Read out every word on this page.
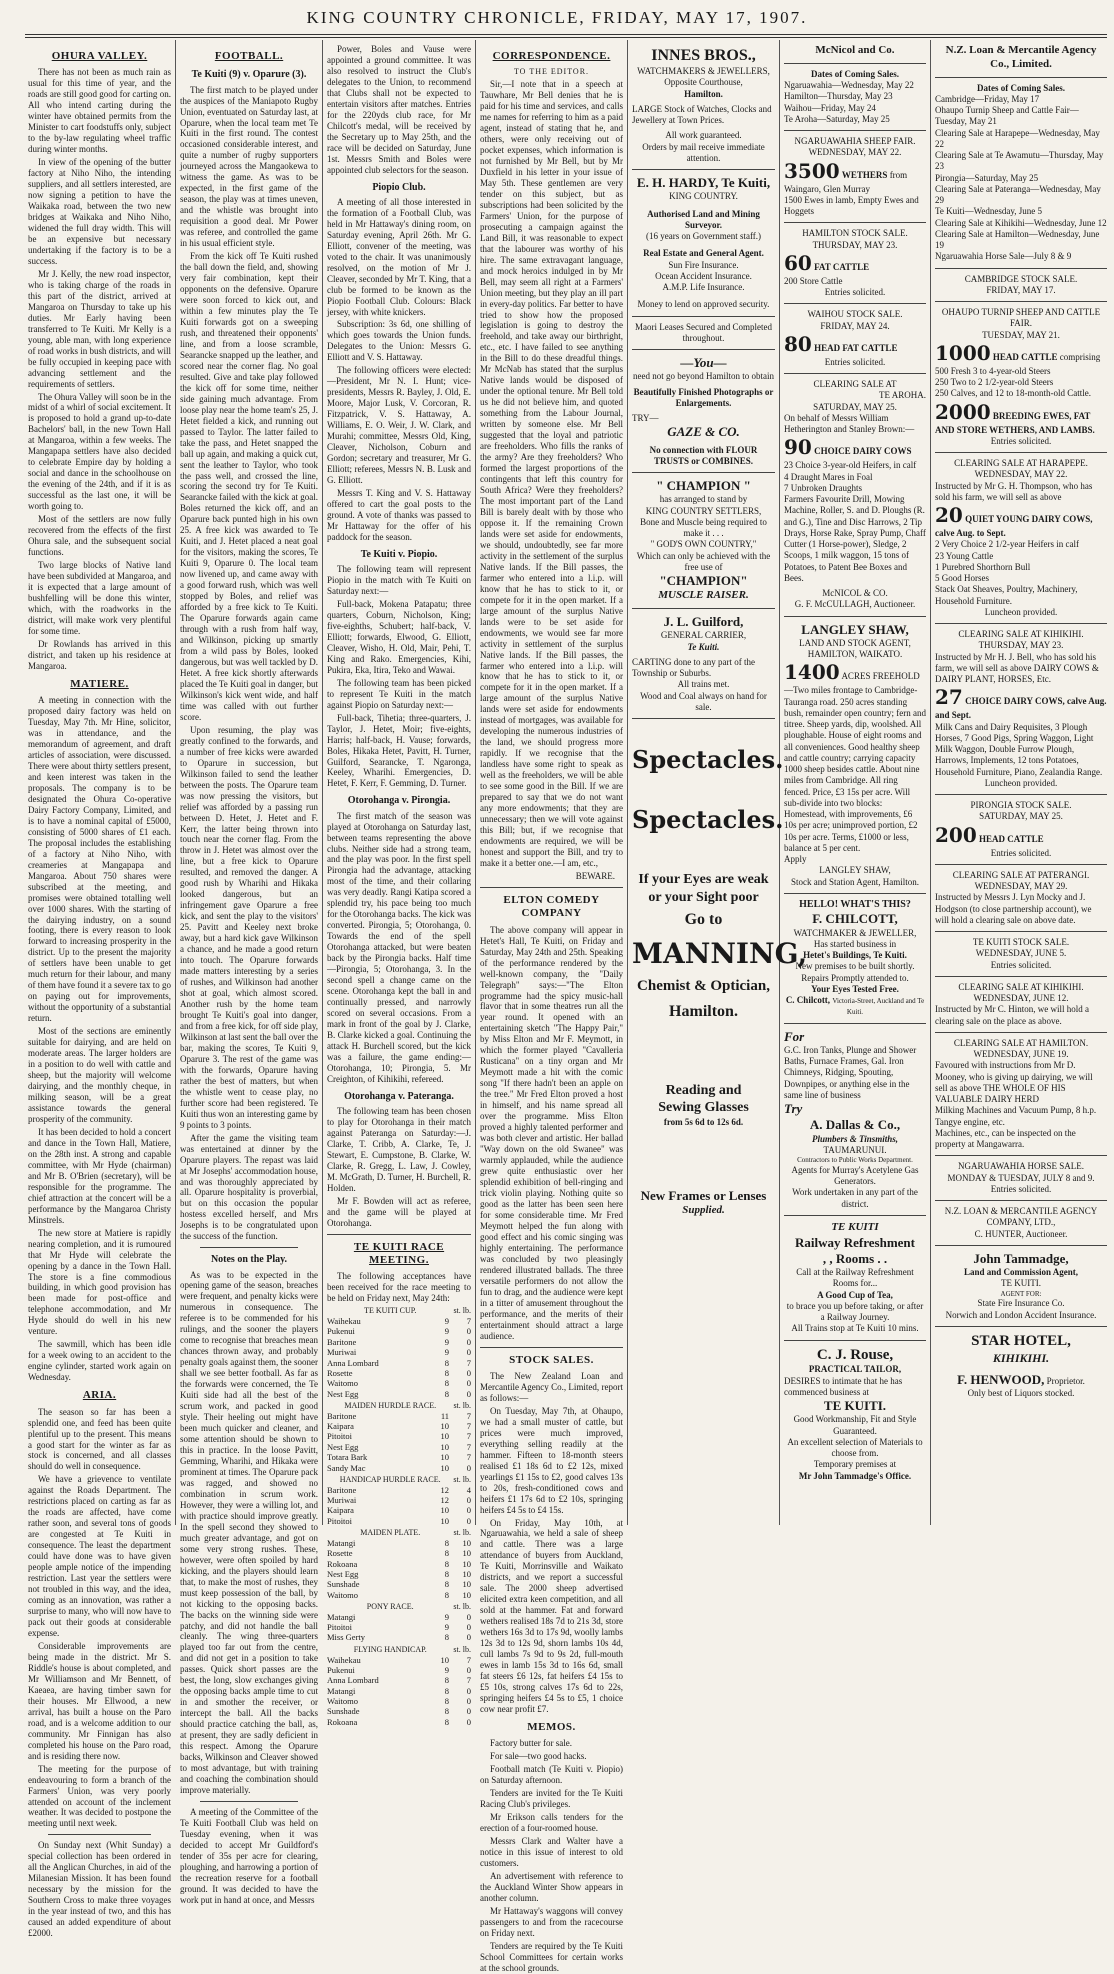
KING COUNTRY CHRONICLE, FRIDAY, MAY 17, 1907.
OHURA VALLEY.

There has not been as much rain as usual for this time of year, and the roads are still good good for carting on. All who intend carting during the winter have obtained permits from the Minister to cart foodstuffs only, subject to the by-law regulating wheel traffic during winter months.

In view of the opening of the butter factory at Niho Niho, the intending suppliers, and all settlers interested, are now signing a petition to have the Waikaka road, between the two new bridges at Waikaka and Niho Niho, widened the full dray width. This will be an expensive but necessary undertaking if the factory is to be a success.

Mr J. Kelly, the new road inspector, who is taking charge of the roads in this part of the district, arrived at Mangaroa on Thursday to take up his duties. Mr Early having been transferred to Te Kuiti. Mr Kelly is a young, able man, with long experience of road works in bush districts, and will be fully occupied in keeping pace with advancing settlement and the requirements of settlers.

The Ohura Valley will soon be in the midst of a whirl of social excitement. It is proposed to hold a grand up-to-date Bachelors' ball, in the new Town Hall at Mangaroa, within a few weeks. The Mangapapa settlers have also decided to celebrate Empire day by holding a social and dance in the schoolhouse on the evening of the 24th, and if it is as successful as the last one, it will be worth going to.

Most of the settlers are now fully recovered from the effects of the first Ohura sale, and the subsequent social functions.

Two large blocks of Native land have been subdivided at Mangaroa, and it is expected that a large amount of bushfelling will be done this winter, which, with the roadworks in the district, will make work very plentiful for some time.

Dr Rowlands has arrived in this district, and taken up his residence at Mangaroa.

MATIERE.

A meeting in connection with the proposed dairy factory was held on Tuesday, May 7th. Mr Hine, solicitor, was in attendance, and the memorandum of agreement, and draft articles of association, were discussed. There were about thirty settlers present, and keen interest was taken in the proposals. The company is to be designated the Ohura Co-operative Dairy Factory Company, Limited, and is to have a nominal capital of £5000, consisting of 5000 shares of £1 each. The proposal includes the establishing of a factory at Niho Niho, with creameries at Mangapapa and Mangaroa. About 750 shares were subscribed at the meeting, and promises were obtained totalling well over 1000 shares. With the starting of the dairying industry, on a sound footing, there is every reason to look forward to increasing prosperity in the district. Up to the present the majority of settlers have been unable to get much return for their labour, and many of them have found it a severe tax to go on paying out for improvements, without the opportunity of a substantial return.

Most of the sections are eminently suitable for dairying, and are held on moderate areas. The larger holders are in a position to do well with cattle and sheep, but the majority will welcome dairying, and the monthly cheque, in milking season, will be a great assistance towards the general prosperity of the community.

It has been decided to hold a concert and dance in the Town Hall, Matiere, on the 28th inst. A strong and capable committee, with Mr Hyde (chairman) and Mr B. O'Brien (secretary), will be responsible for the programme. The chief attraction at the concert will be a performance by the Mangaroa Christy Minstrels.

The new store at Matiere is rapidly nearing completion, and it is rumoured that Mr Hyde will celebrate the opening by a dance in the Town Hall. The store is a fine commodious building, in which good provision has been made for post-office and telephone accommodation, and Mr Hyde should do well in his new venture.

The sawmill, which has been idle for a week owing to an accident to the engine cylinder, started work again on Wednesday.

ARIA.

The season so far has been a splendid one, and feed has been quite plentiful up to the present. This means a good start for the winter as far as stock is concerned, and all classes should do well in consequence.

We have a grievence to ventilate against the Roads Department. The restrictions placed on carting as far as the roads are affected, have come rather soon, and several tons of goods are congested at Te Kuiti in consequence. The least the department could have done was to have given people ample notice of the impending restriction. Last year the settlers were not troubled in this way, and the idea, coming as an innovation, was rather a surprise to many, who will now have to pack out their goods at considerable expense.

Considerable improvements are being made in the district. Mr S. Riddle's house is about completed, and Mr Williamson and Mr Bennett, of Kaeaea, are having timber sawn for their houses. Mr Ellwood, a new arrival, has built a house on the Paro road, and is a welcome addition to our community. Mr Finnigan has also completed his house on the Paro road, and is residing there now.

The meeting for the purpose of endeavouring to form a branch of the Farmers' Union, was very poorly attended on account of the inclement weather. It was decided to postpone the meeting until next week.

On Sunday next (Whit Sunday) a special collection has been ordered in all the Anglican Churches, in aid of the Milanesian Mission. It has been found necessary by the mission for the Southern Cross to make three voyages in the year instead of two, and this has caused an added expenditure of about £2000.

FOOTBALL.
Te Kuiti (9) v. Oparure (3).

The first match to be played under the auspices of the Maniapoto Rugby Union, eventuated on Saturday last, at Oparure, when the local team met Te Kuiti in the first round. The contest occasioned considerable interest, and quite a number of rugby supporters journeyed across the Mangaokewa to witness the game. As was to be expected, in the first game of the season, the play was at times uneven, and the whistle was brought into requisition a good deal. Mr Power was referee, and controlled the game in his usual efficient style.

From the kick off Te Kuiti rushed the ball down the field, and, showing very fair combination, kept their opponents on the defensive. Oparure were soon forced to kick out, and within a few minutes play the Te Kuiti forwards got on a sweeping rush, and threatened their opponents' line, and from a loose scramble, Searancke snapped up the leather, and scored near the corner flag. No goal resulted. Give and take play followed the kick off for some time, neither side gaining much advantage. From loose play near the home team's 25, J. Hetet fielded a kick, and running out passed to Taylor. The latter failed to take the pass, and Hetet snapped the ball up again, and making a quick cut, sent the leather to Taylor, who took the pass well, and crossed the line, scoring the second try for Te Kuiti. Searancke failed with the kick at goal. Boles returned the kick off, and an Oparure back punted high in his own 25. A free kick was awarded to Te Kuiti, and J. Hetet placed a neat goal for the visitors, making the scores, Te Kuiti 9, Oparure 0. The local team now livened up, and came away with a good forward rush, which was well stopped by Boles, and relief was afforded by a free kick to Te Kuiti. The Oparure forwards again came through with a rush from half way, and Wilkinson, picking up smartly from a wild pass by Boles, looked dangerous, but was well tackled by D. Hetet. A free kick shortly afterwards placed the Te Kuiti goal in danger, but Wilkinson's kick went wide, and half time was called with out further score.

Upon resuming, the play was greatly confined to the forwards, and a number of free kicks were awarded to Oparure in succession, but Wilkinson failed to send the leather between the posts. The Oparure team was now pressing the visitors, but relief was afforded by a passing run between D. Hetet, J. Hetet and F. Kerr, the latter being thrown into touch near the corner flag. From the throw in J. Hetet was almost over the line, but a free kick to Oparure resulted, and removed the danger. A good rush by Wharihi and Hikaka looked dangerous, but an infringement gave Oparure a free kick, and sent the play to the visitors' 25. Pavitt and Keeley next broke away, but a hard kick gave Wilkinson a chance, and he made a good return into touch. The Oparure forwards made matters interesting by a series of rushes, and Wilkinson had another shot at goal, which almost scored. Another rush by the home team brought Te Kuiti's goal into danger, and from a free kick, for off side play, Wilkinson at last sent the ball over the bar, making the scores, Te Kuiti 9, Oparure 3. The rest of the game was with the forwards, Oparure having rather the best of matters, but when the whistle went to cease play, no further score had been registered. Te Kuiti thus won an interesting game by 9 points to 3 points.

After the game the visiting team was entertained at dinner by the Oparure players. The repast was laid at Mr Josephs' accommodation house, and was thoroughly appreciated by all. Oparure hospitality is proverbial, but on this occasion the popular hostess excelled herself, and Mrs Josephs is to be congratulated upon the success of the function.

Notes on the Play.

As was to be expected in the opening game of the season, breaches were frequent, and penalty kicks were numerous in consequence. The referee is to be commended for his rulings, and the sooner the players come to recognise that breaches mean chances thrown away, and probably penalty goals against them, the sooner shall we see better football. As far as the forwards were concerned, the Te Kuiti side had all the best of the scrum work, and packed in good style. Their heeling out might have been much quicker and cleaner, and some attention should be shown to this in practice. In the loose Pavitt, Gemming, Wharihi, and Hikaka were prominent at times. The Oparure pack was ragged, and showed no combination in scrum work. However, they were a willing lot, and with practice should improve greatly. In the spell second they showed to much greater advantage, and got on some very strong rushes. These, however, were often spoiled by hard kicking, and the players should learn that, to make the most of rushes, they must keep possession of the ball, by not kicking to the opposing backs. The backs on the winning side were patchy, and did not handle the ball cleanly. The wing three-quarters played too far out from the centre, and did not get in a position to take passes. Quick short passes are the best, the long, slow exchanges giving the opposing backs ample time to cut in and smother the receiver, or intercept the ball. All the backs should practice catching the ball, as, at present, they are sadly deficient in this respect. Among the Oparure backs, Wilkinson and Cleaver showed to most advantage, but with training and coaching the combination should improve materially.

A meeting of the Committee of the Te Kuiti Football Club was held on Tuesday evening, when it was decided to accept Mr Guildford's tender of 35s per acre for clearing, ploughing, and harrowing a portion of the recreation reserve for a football ground. It was decided to have the work put in hand at once, and Messrs

Power, Boles and Vause were appointed a ground committee. It was also resolved to instruct the Club's delegates to the Union, to recommend that Clubs shall not be expected to entertain visitors after matches. Entries for the 220yds club race, for Mr Chilcott's medal, will be received by the Secretary up to May 25th, and the race will be decided on Saturday, June 1st. Messrs Smith and Boles were appointed club selectors for the season.

Piopio Club.

A meeting of all those interested in the formation of a Football Club, was held in Mr Hattaway's dining room, on Saturday evening, April 26th. Mr G. Elliott, convener of the meeting, was voted to the chair. It was unanimously resolved, on the motion of Mr J. Cleaver, seconded by Mr T. King, that a club be formed to be known as the Piopio Football Club. Colours: Black jersey, with white knickers.

Subscription: 3s 6d, one shilling of which goes towards the Union funds. Delegates to the Union: Messrs G. Elliott and V. S. Hattaway.

The following officers were elected:—President, Mr N. I. Hunt; vice-presidents, Messrs R. Bayley, J. Old, E. Moore, Major Lusk, V. Corcoran, R. Fitzpatrick, V. S. Hattaway, A. Williams, E. O. Weir, J. W. Clark, and Murahi; committee, Messrs Old, King, Cleaver, Nicholson, Coburn and Gordon; secretary and treasurer, Mr G. Elliott; referees, Messrs N. B. Lusk and G. Elliott.

Messrs T. King and V. S. Hattaway offered to cart the goal posts to the ground. A vote of thanks was passed to Mr Hattaway for the offer of his paddock for the season.

Te Kuiti v. Piopio.

The following team will represent Piopio in the match with Te Kuiti on Saturday next:—

Full-back, Mokena Patapatu; three quarters, Coburn, Nicholson, King; five-eighths, Schubert; half-back, V. Elliott; forwards, Elwood, G. Elliott, Cleaver, Wisho, H. Old, Mair, Pehi, T. King and Rako. Emergencies, Kihi, Pukira, Eka, Itira, Teko and Wawai.

The following team has been picked to represent Te Kuiti in the match against Piopio on Saturday next:—

Full-back, Tihetia; three-quarters, J. Taylor, J. Hetet, Moir; five-eights, Harris; half-back, H. Vause; forwards, Boles, Hikaka Hetet, Pavitt, H. Turner, Guilford, Searancke, T. Ngaronga, Keeley, Wharihi. Emergencies, D. Hetet, F. Kerr, F. Gemming, D. Turner.

Otorohanga v. Pirongia.

The first match of the season was played at Otorohanga on Saturday last, between teams representing the above clubs. Neither side had a strong team, and the play was poor. In the first spell Pirongia had the advantage, attacking most of the time, and their collaring was very deadly. Rangi Katipa scored a splendid try, his pace being too much for the Otorohanga backs. The kick was converted. Pirongia, 5; Otorohanga, 0. Towards the end of the spell Otorohanga attacked, but were beaten back by the Pirongia backs. Half time—Pirongia, 5; Otorohanga, 3. In the second spell a change came on the scene. Otorohanga kept the ball in and continually pressed, and narrowly scored on several occasions. From a mark in front of the goal by J. Clarke, B. Clarke kicked a goal. Continuing the attack H. Burchell scored, but the kick was a failure, the game ending:—Otorohanga, 10; Pirongia, 5. Mr Creighton, of Kihikihi, refereed.

Otorohanga v. Pateranga.

The following team has been chosen to play for Otorohanga in their match against Pateranga on Saturday:—J. Clarke, T. Cribb, A. Clarke, Te, J. Stewart, E. Cumpstone, B. Clarke, W. Clarke, R. Gregg, L. Law, J. Cowley, M. McGrath, D. Turner, H. Burchell, R. Holden.

Mr F. Bowden will act as referee, and the game will be played at Otorohanga.

TE KUITI RACE MEETING.

The following acceptances have been received for the race meeting to be held on Friday next, May 24th:

TE KUITI CUP.	st. lb.
Waihekau	9	7
Pukenui	9	0
Baritone	9	0
Muriwai	9	0
Anna Lombard	8	7
Rosette	8	0
Waitomo	8	0
Nest Egg	8	0
MAIDEN HURDLE RACE. st. lb.
Baritone	11	7
Kaipara	10	7
Pitoitoi	10	7
Nest Egg	10	7
Totara Bark	10	7
Sandy Mac	10	0
HANDICAP HURDLE RACE. st. lb.
Baritone	12	4
Muriwai	12	0
Kaipara	10	0
Pitoitoi	10	0
MAIDEN PLATE.	st. lb.
Matangi	8	10
Rosette	8	10
Rokoana	8	10
Nest Egg	8	10
Sunshade	8	10
Waitomo	8	10
PONY RACE.	st. lb.
Matangi	9	0
Pitoitoi	9	0
Miss Gerty	8	0
FLYING HANDICAP.	st. lb.
Waihekau	10	7
Pukenui	9	0
Anna Lombard	8	7
Matangi	8	0
Waitomo	8	0
Sunshade	8	0
Rokoana	8	0
CORRESPONDENCE.
TO THE EDITOR.

Sir,—I note that in a speech at Tauwhare, Mr Bell denies that he is paid for his time and services, and calls me names for referring to him as a paid agent, instead of stating that he, and others, were only receiving out of pocket expenses, which information is not furnished by Mr Bell, but by Mr Duxfield in his letter in your issue of May 5th. These gentlemen are very tender on this subject, but as subscriptions had been solicited by the Farmers' Union, for the purpose of prosecuting a campaign against the Land Bill, it was reasonable to expect that the labourer was worthy of his hire. The same extravagant language, and mock heroics indulged in by Mr Bell, may seem all right at a Farmers' Union meeting, but they play an ill part in every-day politics. Far better to have tried to show how the proposed legislation is going to destroy the freehold, and take away our birthright, etc., etc. I have failed to see anything in the Bill to do these dreadful things. Mr McNab has stated that the surplus Native lands would be disposed of under the optional tenure. Mr Bell told us he did not believe him, and quoted something from the Labour Journal, written by someone else. Mr Bell suggested that the loyal and patriotic are freeholders. Who fills the ranks of the army? Are they freeholders? Who formed the largest proportions of the contingents that left this country for South Africa? Were they freeholders? The most important part of the Land Bill is barely dealt with by those who oppose it. If the remaining Crown lands were set aside for endowments, we should, undoubtedly, see far more activity in the settlement of the surplus Native lands. If the Bill passes, the farmer who entered into a l.i.p. will know that he has to stick to it, or compete for it in the open market. If a large amount of the surplus Native lands were to be set aside for endowments, we would see far more activity in settlement of the surplus Native lands. If the Bill passes, the farmer who entered into a l.i.p. will know that he has to stick to it, or compete for it in the open market. If a large amount of the surplus Native lands were set aside for endowments instead of mortgages, was available for developing the numerous industries of the land, we should progress more rapidly. If we recognise that the landless have some right to speak as well as the freeholders, we will be able to see some good in the Bill. If we are prepared to say that we do not want any more endowments; that they are unnecessary; then we will vote against this Bill; but, if we recognise that endowments are required, we will be honest and support the Bill, and try to make it a better one.—I am, etc.,

BEWARE.
ELTON COMEDY COMPANY

The above company will appear in Hetet's Hall, Te Kuiti, on Friday and Saturday, May 24th and 25th. Speaking of the performance rendered by the well-known company, the "Daily Telegraph" says:—"The Elton programme had the spicy music-hall flavor that in some theatres run all the year round. It opened with an entertaining sketch "The Happy Pair," by Miss Elton and Mr F. Meymott, in which the former played "Cavalleria Rusticana" on a tiny organ and Mr Meymott made a hit with the comic song "If there hadn't been an apple on the tree." Mr Fred Elton proved a host in himself, and his name spread all over the programme. Miss Elton proved a highly talented performer and was both clever and artistic. Her ballad "Way down on the old Swanee" was warmly applauded, while the audience grew quite enthusiastic over her splendid exhibition of bell-ringing and trick violin playing. Nothing quite so good as the latter has been seen here for some considerable time. Mr Fred Meymott helped the fun along with good effect and his comic singing was highly entertaining. The performance was concluded by two pleasingly rendered illustrated ballads. The three versatile performers do not allow the fun to drag, and the audience were kept in a titter of amusement throughout the performance, and the merits of their entertainment should attract a large audience.

STOCK SALES.

The New Zealand Loan and Mercantile Agency Co., Limited, report as follows:—

On Tuesday, May 7th, at Ohaupo, we had a small muster of cattle, but prices were much improved, everything selling readily at the hammer. Fifteen to 18-month steers realised £1 18s 6d to £2 12s, mixed yearlings £1 15s to £2, good calves 13s to 20s, fresh-conditioned cows and heifers £1 17s 6d to £2 10s, springing heifers £4 5s to £4 15s.

On Friday, May 10th, at Ngaruawahia, we held a sale of sheep and cattle. There was a large attendance of buyers from Auckland, Te Kuiti, Morrinsville and Waikato districts, and we report a successful sale. The 2000 sheep advertised elicited extra keen competition, and all sold at the hammer. Fat and forward wethers realised 18s 7d to 21s 3d, store wethers 16s 3d to 17s 9d, woolly lambs 12s 3d to 12s 9d, shorn lambs 10s 4d, cull lambs 7s 9d to 9s 2d, full-mouth ewes in lamb 15s 3d to 16s 6d, small fat steers £6 12s, fat heifers £4 15s to £5 10s, strong calves 17s 6d to 22s, springing heifers £4 5s to £5, 1 choice cow near profit £7.

MEMOS.

Factory butter for sale.

For sale—two good hacks.

Football match (Te Kuiti v. Piopio) on Saturday afternoon.

Tenders are invited for the Te Kuiti Racing Club's privileges.

Mr Erikson calls tenders for the erection of a four-roomed house.

Messrs Clark and Walter have a notice in this issue of interest to old customers.

An advertisement with reference to the Auckland Winter Show appears in another column.

Mr Hattaway's waggons will convey passengers to and from the racecourse on Friday next.

Tenders are required by the Te Kuiti School Committees for certain works at the school grounds.

INNES BROS.,
WATCHMAKERS & JEWELLERS,
Opposite Courthouse,
Hamilton.
LARGE Stock of Watches, Clocks and Jewellery at Town Prices.
All work guaranteed.
Orders by mail receive immediate attention.
E. H. HARDY, Te Kuiti,
KING COUNTRY.
Authorised Land and Mining Surveyor.
(16 years on Government staff.)
Real Estate and General Agent.
Sun Fire Insurance.
Ocean Accident Insurance.
A.M.P. Life Insurance.
Money to lend on approved security.
Maori Leases Secured and Completed throughout.
—You—
need not go beyond Hamilton to obtain
Beautifully Finished Photographs or Enlargements.
TRY—
GAZE & CO.
No connection with FLOUR TRUSTS or COMBINES.
" CHAMPION "
has arranged to stand by
KING COUNTRY SETTLERS,
Bone and Muscle being required to make it . . .
" GOD'S OWN COUNTRY,"
Which can only be achieved with the free use of
"CHAMPION"
MUSCLE RAISER.
J. L. Guilford,
GENERAL CARRIER,
Te Kuiti.
CARTING done to any part of the Township or Suburbs.
All trains met.
Wood and Coal always on hand for sale.
Spectacles.
Spectacles.
If your Eyes are weak
or your Sight poor
Go to
MANNING,
Chemist & Optician,
Hamilton.
Reading and
Sewing Glasses
from 5s 6d to 12s 6d.
New Frames or Lenses
Supplied.
McNicol and Co.
Dates of Coming Sales.
Ngaruawahia—Wednesday, May 22
Hamilton—Thursday, May 23
Waihou—Friday, May 24
Te Aroha—Saturday, May 25
NGARUAWAHIA SHEEP FAIR.
WEDNESDAY, MAY 22.
3500 WETHERS from Waingaro, Glen Murray
1500 Ewes in lamb, Empty Ewes and Hoggets
HAMILTON STOCK SALE.
THURSDAY, MAY 23.
60 FAT CATTLE
200 Store Cattle
Entries solicited.
WAIHOU STOCK SALE.
FRIDAY, MAY 24.
80 HEAD FAT CATTLE
Entries solicited.
CLEARING SALE AT
TE AROHA.
SATURDAY, MAY 25.
On behalf of Messrs William Hetherington and Stanley Brown:—
90 CHOICE DAIRY COWS
23 Choice 3-year-old Heifers, in calf
4 Draught Mares in Foal
7 Unbroken Draughts
Farmers Favourite Drill, Mowing Machine, Roller, S. and D. Ploughs (R. and G.), Tine and Disc Harrows, 2 Tip Drays, Horse Rake, Spray Pump, Chaff Cutter (1 Horse-power), Sledge, 2 Scoops, 1 milk waggon, 15 tons of Potatoes, to Patent Bee Boxes and Bees.
McNICOL & CO.
G. F. McCULLAGH, Auctioneer.
LANGLEY SHAW,
LAND AND STOCK AGENT,
HAMILTON, WAIKATO.
1400 ACRES FREEHOLD—Two miles frontage to Cambridge-Tauranga road. 250 acres standing bush, remainder open country; fern and titree. Sheep yards, dip, woolshed. All ploughable. House of eight rooms and all conveniences. Good healthy sheep and cattle country; carrying capacity 1000 sheep besides cattle. About nine miles from Cambridge. All ring fenced. Price, £3 15s per acre. Will sub-divide into two blocks: Homestead, with improvements, £6 10s per acre; unimproved portion, £2 10s per acre. Terms, £1000 or less, balance at 5 per cent.
Apply
LANGLEY SHAW,
Stock and Station Agent, Hamilton.
HELLO! WHAT'S THIS?
F. CHILCOTT,
WATCHMAKER & JEWELLER,
Has started business in
Hetet's Buildings, Te Kuiti.
New premises to be built shortly.
Repairs Promptly attended to.
Your Eyes Tested Free.
C. Chilcott, Victoria-Street, Auckland and Te Kuiti.
For
G.C. Iron Tanks, Plunge and Shower Baths, Furnace Frames, Gal. Iron Chimneys, Ridging, Spouting, Downpipes, or anything else in the same line of business
Try
A. Dallas & Co.,
Plumbers & Tinsmiths,
TAUMARUNUI.
Contractors to Public Works Department.
Agents for Murray's Acetylene Gas Generators.
Work undertaken in any part of the district.
TE KUITI
Railway Refreshment
, , Rooms . .
Call at the Railway Refreshment Rooms for...
A Good Cup of Tea,
to brace you up before taking, or after a Railway Journey.
All Trains stop at Te Kuiti 10 mins.
C. J. Rouse,
PRACTICAL TAILOR,
DESIRES to intimate that he has commenced business at
TE KUITI.
Good Workmanship, Fit and Style Guaranteed.
An excellent selection of Materials to choose from.
Temporary premises at
Mr John Tammadge's Office.
N.Z. Loan & Mercantile Agency Co., Limited.
Dates of Coming Sales.
Cambridge—Friday, May 17
Ohaupo Turnip Sheep and Cattle Fair—Tuesday, May 21
Clearing Sale at Harapepe—Wednesday, May 22
Clearing Sale at Te Awamutu—Thursday, May 23
Pirongia—Saturday, May 25
Clearing Sale at Pateranga—Wednesday, May 29
Te Kuiti—Wednesday, June 5
Clearing Sale at Kihikihi—Wednesday, June 12
Clearing Sale at Hamilton—Wednesday, June 19
Ngaruawahia Horse Sale—July 8 & 9
CAMBRIDGE STOCK SALE.
FRIDAY, MAY 17.
OHAUPO TURNIP SHEEP AND CATTLE FAIR.
TUESDAY, MAY 21.
1000 HEAD CATTLE comprising
500 Fresh 3 to 4-year-old Steers
250 Two to 2 1/2-year-old Steers
250 Calves, and 12 to 18-month-old Cattle.
2000 BREEDING EWES, FAT AND STORE WETHERS, AND LAMBS.
Entries solicited.
CLEARING SALE AT HARAPEPE.
WEDNESDAY, MAY 22.
Instructed by Mr G. H. Thompson, who has sold his farm, we will sell as above
20 QUIET YOUNG DAIRY COWS, calve Aug. to Sept.
2 Very Choice 2 1/2-year Heifers in calf
23 Young Cattle
1 Purebred Shorthorn Bull
5 Good Horses
Stack Oat Sheaves, Poultry, Machinery, Household Furniture.
Luncheon provided.
CLEARING SALE AT KIHIKIHI.
THURSDAY, MAY 23.
Instructed by Mr H. J. Bell, who has sold his farm, we will sell as above DAIRY COWS & DAIRY PLANT, HORSES, Etc.
27 CHOICE DAIRY COWS, calve Aug. and Sept.
Milk Cans and Dairy Requisites, 3 Plough Horses, 7 Good Pigs, Spring Waggon, Light Milk Waggon, Double Furrow Plough, Harrows, Implements, 12 tons Potatoes, Household Furniture, Piano, Zealandia Range.
Luncheon provided.
PIRONGIA STOCK SALE.
SATURDAY, MAY 25.
200 HEAD CATTLE
Entries solicited.
CLEARING SALE AT PATERANGI.
WEDNESDAY, MAY 29.
Instructed by Messrs J. Lyn Mocky and J. Hodgson (to close partnership account), we will hold a clearing sale on above date.
TE KUITI STOCK SALE.
WEDNESDAY, JUNE 5.
Entries solicited.
CLEARING SALE AT KIHIKIHI.
WEDNESDAY, JUNE 12.
Instructed by Mr C. Hinton, we will hold a clearing sale on the place as above.
CLEARING SALE AT HAMILTON.
WEDNESDAY, JUNE 19.
Favoured with instructions from Mr D. Mooney, who is giving up dairying, we will sell as above THE WHOLE OF HIS VALUABLE DAIRY HERD
Milking Machines and Vacuum Pump, 8 h.p. Tangye engine, etc.
Machines, etc., can be inspected on the property at Mangawarra.
NGARUAWAHIA HORSE SALE.
MONDAY & TUESDAY, JULY 8 and 9.
Entries solicited.
N.Z. LOAN & MERCANTILE AGENCY COMPANY, LTD.,
C. HUNTER, Auctioneer.
John Tammadge,
Land and Commission Agent,
TE KUITI.
AGENT FOR:
State Fire Insurance Co.
Norwich and London Accident Insurance.
STAR HOTEL,
KIHIKIHI.
F. HENWOOD, Proprietor.
Only best of Liquors stocked.
